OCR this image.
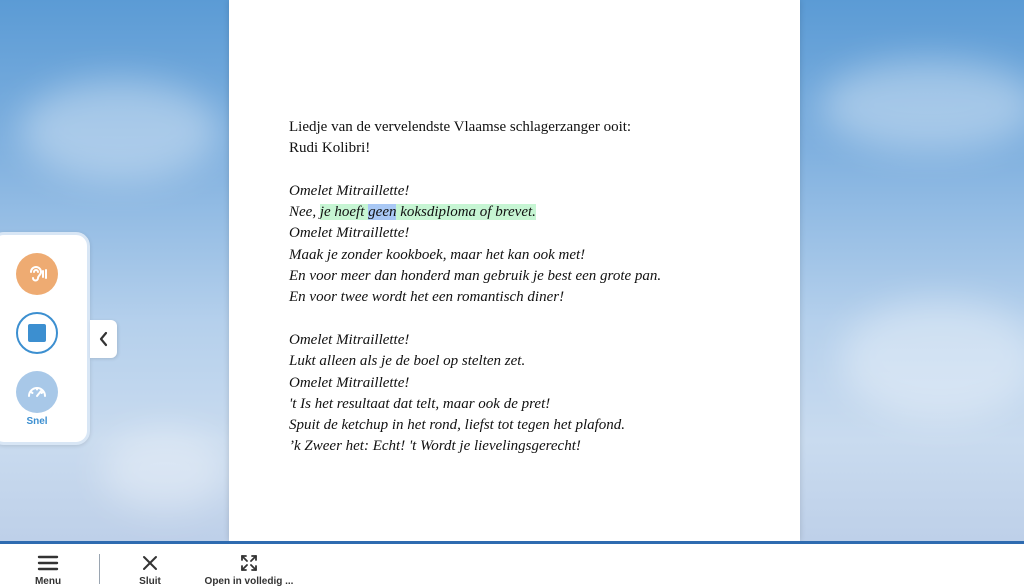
Liedje van de vervelendste Vlaamse schlagerzanger ooit:
Rudi Kolibri!
Omelet Mitraillette!
Nee, je hoeft geen koksdiploma of brevet.
Omelet Mitraillette!
Maak je zonder kookboek, maar het kan ook met!
En voor meer dan honderd man gebruik je best een grote pan.
En voor twee wordt het een romantisch diner!
Omelet Mitraillette!
Lukt alleen als je de boel op stelten zet.
Omelet Mitraillette!
't Is het resultaat dat telt, maar ook de pret!
Spuit de ketchup in het rond, liefst tot tegen het plafond.
’k Zweer het: Echt! 't Wordt je lievelingsgerecht!
Snel
Menu	Sluit	Open in volledig ...
